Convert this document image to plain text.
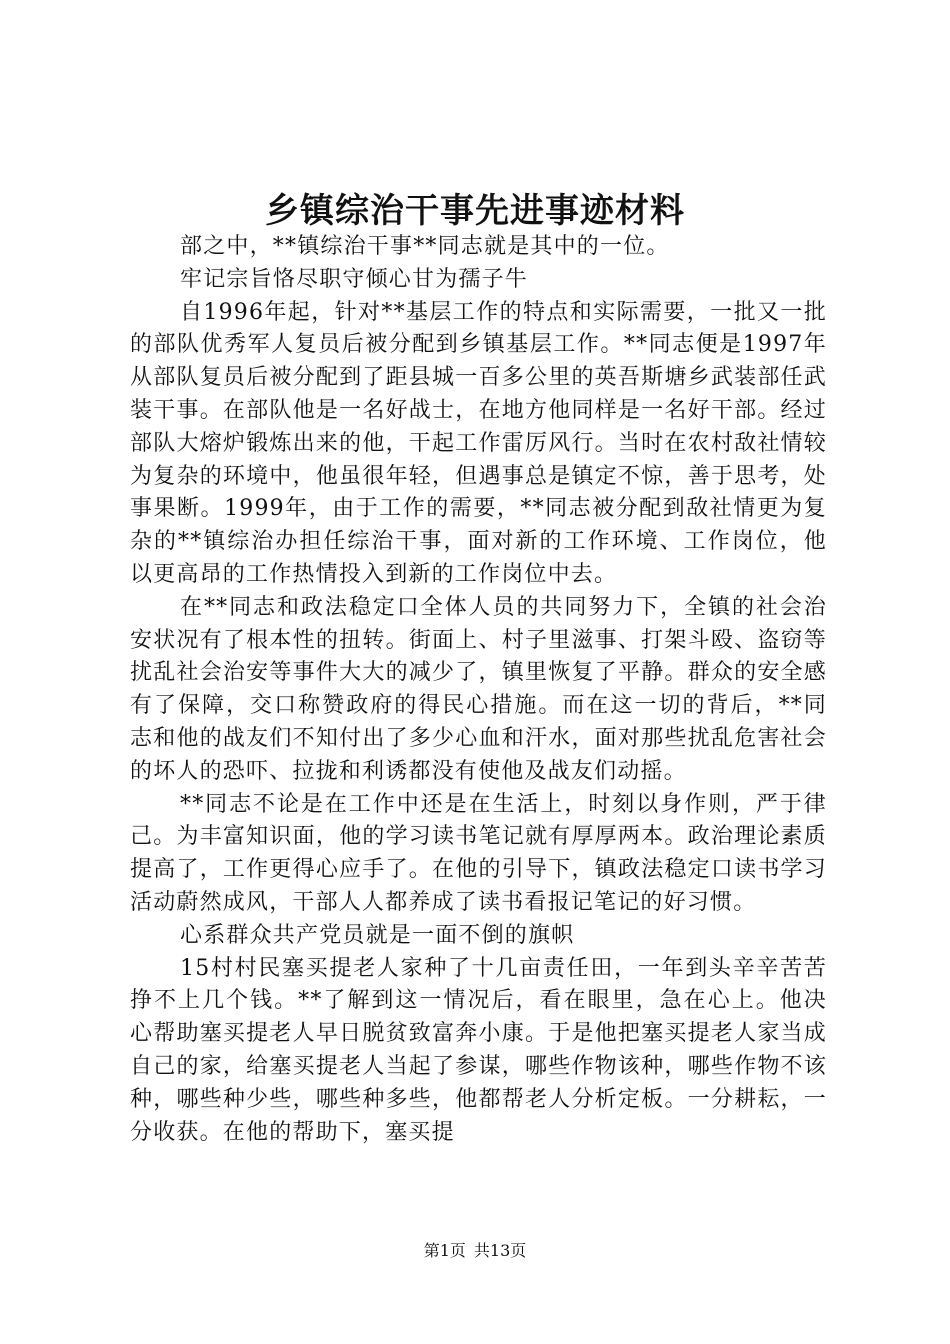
乡镇综治干事先进事迹材料

部之中，**镇综治干事**同志就是其中的一位。

牢记宗旨恪尽职守倾心甘为孺子牛

自1996年起，针对**基层工作的特点和实际需要，一批又一批的部队优秀军人复员后被分配到乡镇基层工作。**同志便是1997年从部队复员后被分配到了距县城一百多公里的英吾斯塘乡武装部任武装干事。在部队他是一名好战士，在地方他同样是一名好干部。经过部队大熔炉锻炼出来的他，干起工作雷厉风行。当时在农村敌社情较为复杂的环境中，他虽很年轻，但遇事总是镇定不惊，善于思考，处事果断。1999年，由于工作的需要，**同志被分配到敌社情更为复杂的**镇综治办担任综治干事，面对新的工作环境、工作岗位，他以更高昂的工作热情投入到新的工作岗位中去。

在**同志和政法稳定口全体人员的共同努力下，全镇的社会治安状况有了根本性的扭转。街面上、村子里滋事、打架斗殴、盗窃等扰乱社会治安等事件大大的减少了，镇里恢复了平静。群众的安全感有了保障，交口称赞政府的得民心措施。而在这一切的背后，**同志和他的战友们不知付出了多少心血和汗水，面对那些扰乱危害社会的坏人的恐吓、拉拢和利诱都没有使他及战友们动摇。

**同志不论是在工作中还是在生活上，时刻以身作则，严于律己。为丰富知识面，他的学习读书笔记就有厚厚两本。政治理论素质提高了，工作更得心应手了。在他的引导下，镇政法稳定口读书学习活动蔚然成风，干部人人都养成了读书看报记笔记的好习惯。

心系群众共产党员就是一面不倒的旗帜

15村村民塞买提老人家种了十几亩责任田，一年到头辛辛苦苦挣不上几个钱。**了解到这一情况后，看在眼里，急在心上。他决心帮助塞买提老人早日脱贫致富奔小康。于是他把塞买提老人家当成自己的家，给塞买提老人当起了参谋，哪些作物该种，哪些作物不该种，哪些种少些，哪些种多些，他都帮老人分析定板。一分耕耘，一分收获。在他的帮助下，塞买提

第1页 共13页
